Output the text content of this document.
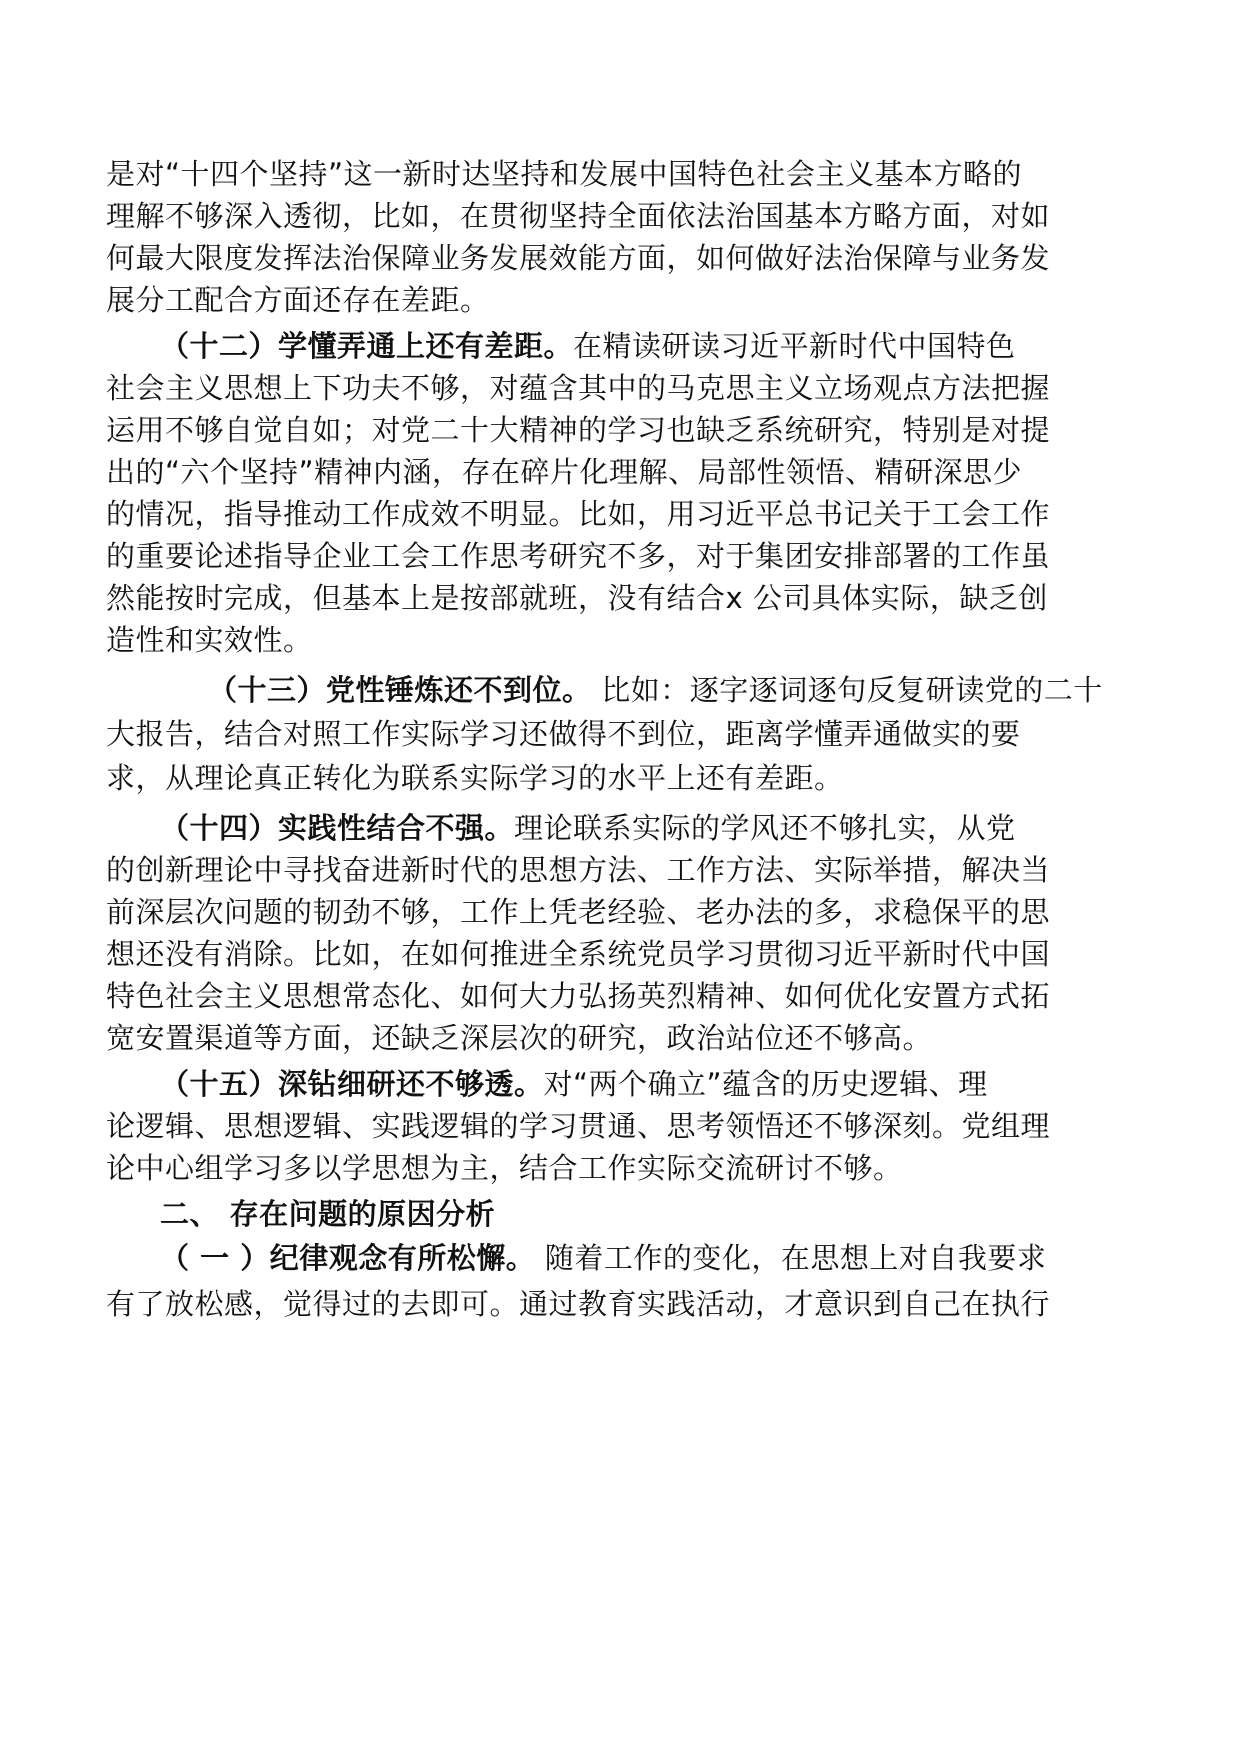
是对“十四个坚持”这一新时达坚持和发展中国特色社会主义基本方略的
理解不够深入透彻，比如，在贯彻坚持全面依法治国基本方略方面，对如
何最大限度发挥法治保障业务发展效能方面，如何做好法治保障与业务发
展分工配合方面还存在差距。
（十二）学懂弄通上还有差距。在精读研读习近平新时代中国特色
社会主义思想上下功夫不够，对蕴含其中的马克思主义立场观点方法把握
运用不够自觉自如；对党二十大精神的学习也缺乏系统研究，特别是对提
出的“六个坚持”精神内涵，存在碎片化理解、局部性领悟、精研深思少
的情况，指导推动工作成效不明显。比如，用习近平总书记关于工会工作
的重要论述指导企业工会工作思考研究不多，对于集团安排部署的工作虽
然能按时完成，但基本上是按部就班，没有结合x 公司具体实际，缺乏创
造性和实效性。
（十三）党性锤炼还不到位。 比如：逐字逐词逐句反复研读党的二十
大报告，结合对照工作实际学习还做得不到位，距离学懂弄通做实的要
求，从理论真正转化为联系实际学习的水平上还有差距。
（十四）实践性结合不强。理论联系实际的学风还不够扎实，从党
的创新理论中寻找奋进新时代的思想方法、工作方法、实际举措，解决当
前深层次问题的韧劲不够，工作上凭老经验、老办法的多，求稳保平的思
想还没有消除。比如，在如何推进全系统党员学习贯彻习近平新时代中国
特色社会主义思想常态化、如何大力弘扬英烈精神、如何优化安置方式拓
宽安置渠道等方面，还缺乏深层次的研究，政治站位还不够高。
（十五）深钻细研还不够透。对“两个确立”蕴含的历史逻辑、理
论逻辑、思想逻辑、实践逻辑的学习贯通、思考领悟还不够深刻。党组理
论中心组学习多以学思想为主，结合工作实际交流研讨不够。
二、 存在问题的原因分析
（ 一 ）纪律观念有所松懈。 随着工作的变化，在思想上对自我要求
有了放松感，觉得过的去即可。通过教育实践活动，才意识到自己在执行
